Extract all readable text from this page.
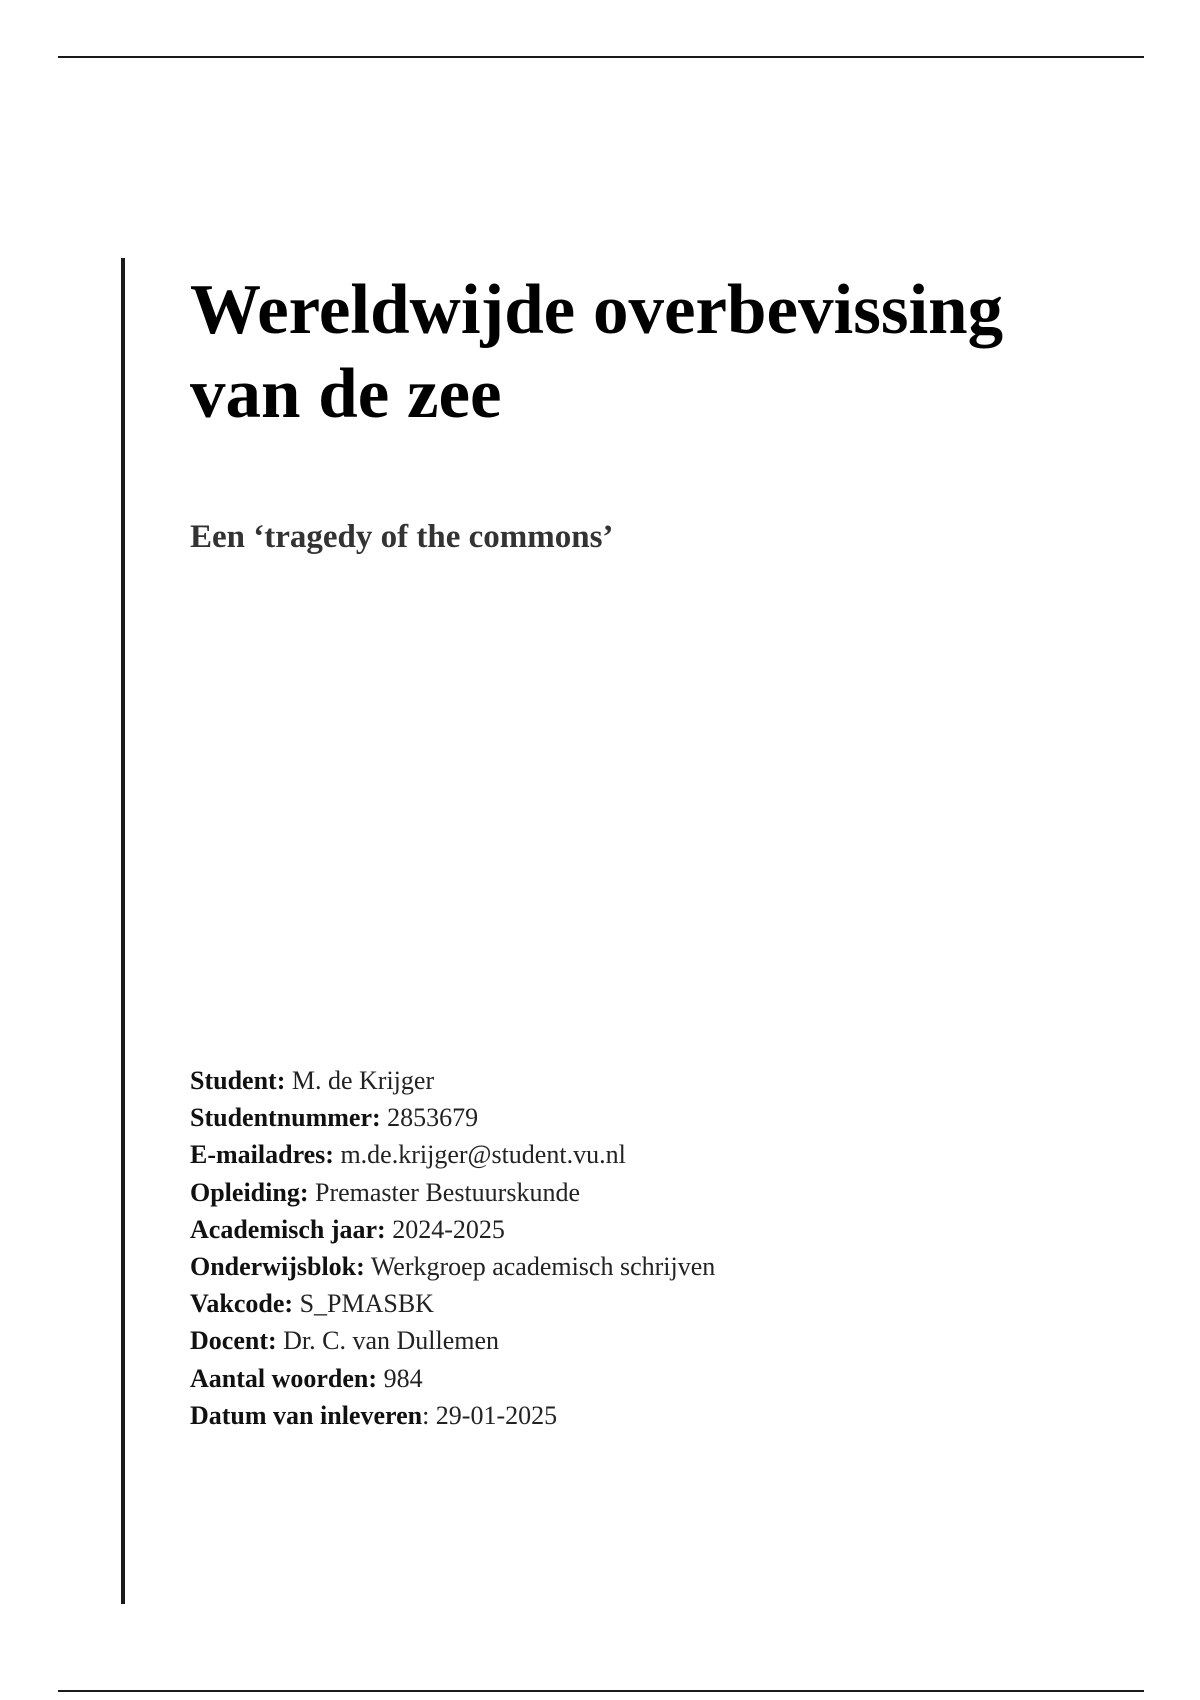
Wereldwijde overbevissing
van de zee
Een ‘tragedy of the commons’
Student: M. de Krijger
Studentnummer: 2853679
E-mailadres: m.de.krijger@student.vu.nl
Opleiding: Premaster Bestuurskunde
Academisch jaar: 2024-2025
Onderwijsblok: Werkgroep academisch schrijven
Vakcode: S_PMASBK
Docent: Dr. C. van Dullemen
Aantal woorden: 984
Datum van inleveren: 29-01-2025
